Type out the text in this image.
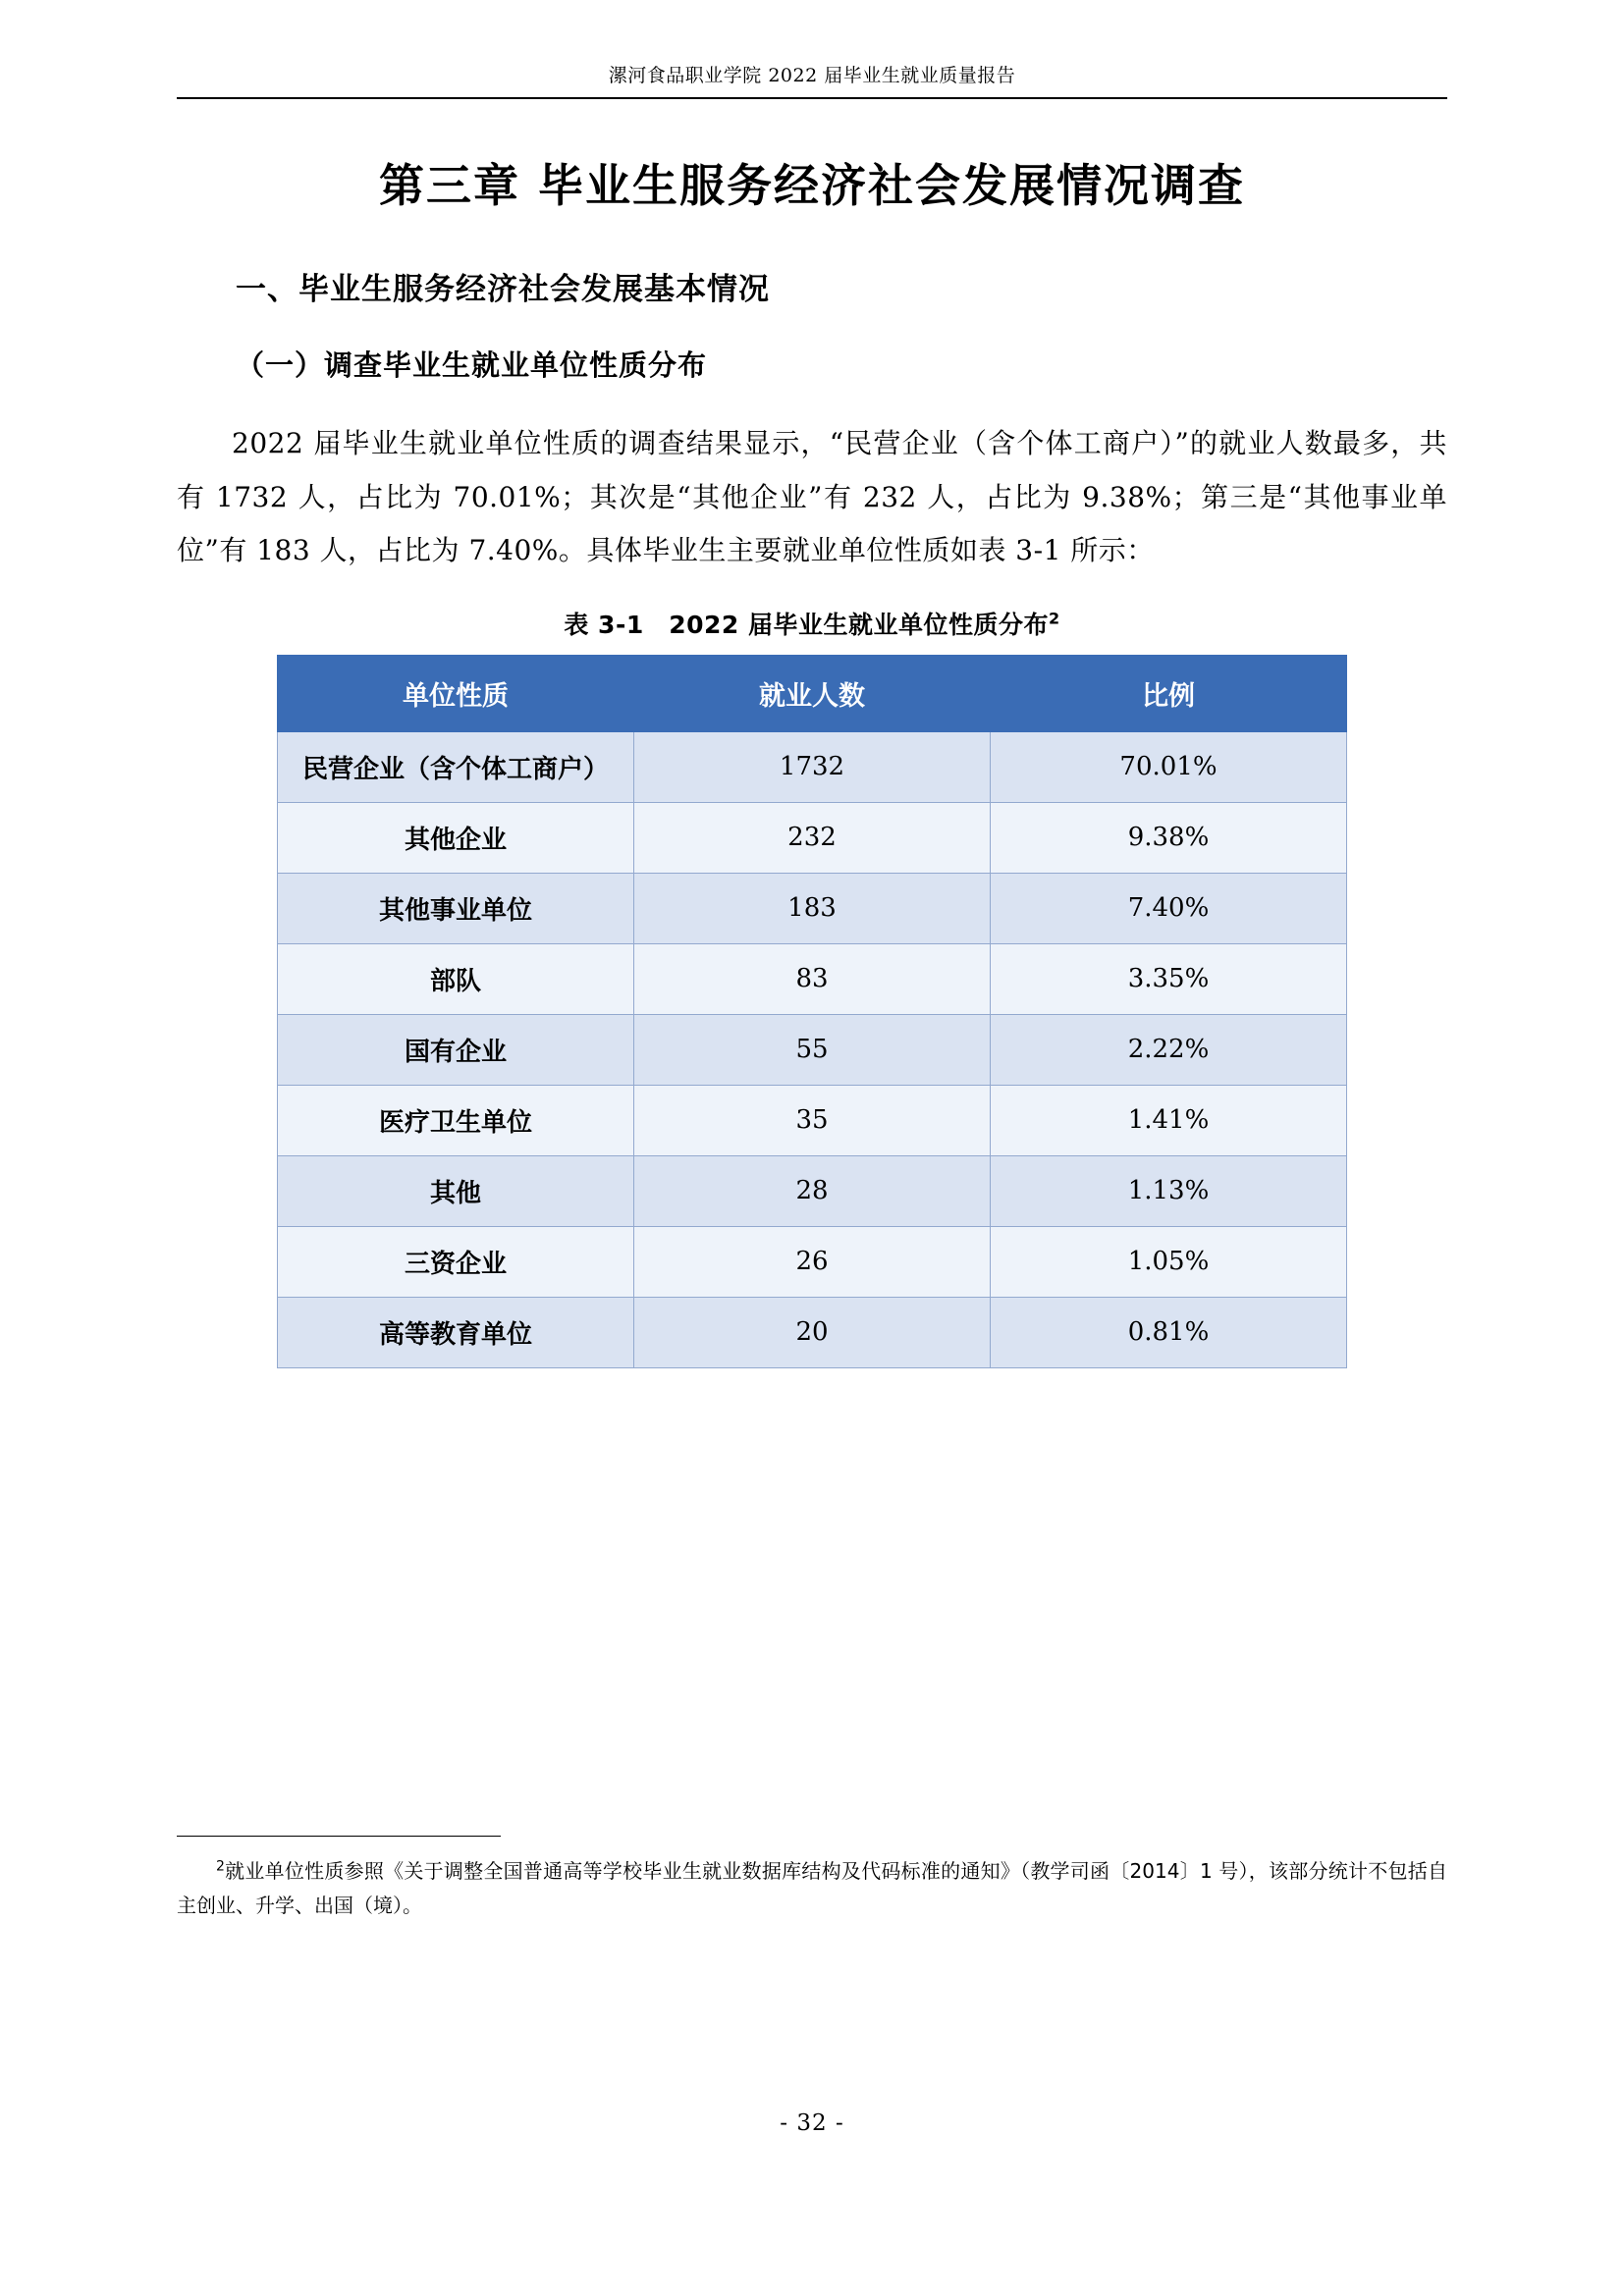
漯河食品职业学院 2022 届毕业生就业质量报告
第三章 毕业生服务经济社会发展情况调查
一、毕业生服务经济社会发展基本情况
（一）调查毕业生就业单位性质分布

2022 届毕业生就业单位性质的调查结果显示，“民营企业（含个体工商户）”的就业人数最多，共有 1732 人，占比为 70.01%；其次是“其他企业”有 232 人，占比为 9.38%；第三是“其他事业单位”有 183 人，占比为 7.40%。具体毕业生主要就业单位性质如表 3-1 所示：

表 3-1　2022 届毕业生就业单位性质分布$^2$
单位性质	就业人数	比例
民营企业（含个体工商户）	1732	70.01%
其他企业	232	9.38%
其他事业单位	183	7.40%
部队	83	3.35%
国有企业	55	2.22%
医疗卫生单位	35	1.41%
其他	28	1.13%
三资企业	26	1.05%
高等教育单位	20	0.81%
$^2$就业单位性质参照《关于调整全国普通高等学校毕业生就业数据库结构及代码标准的通知》（教学司函〔2014〕1 号），该部分统计不包括自主创业、升学、出国（境）。
- 32 -
